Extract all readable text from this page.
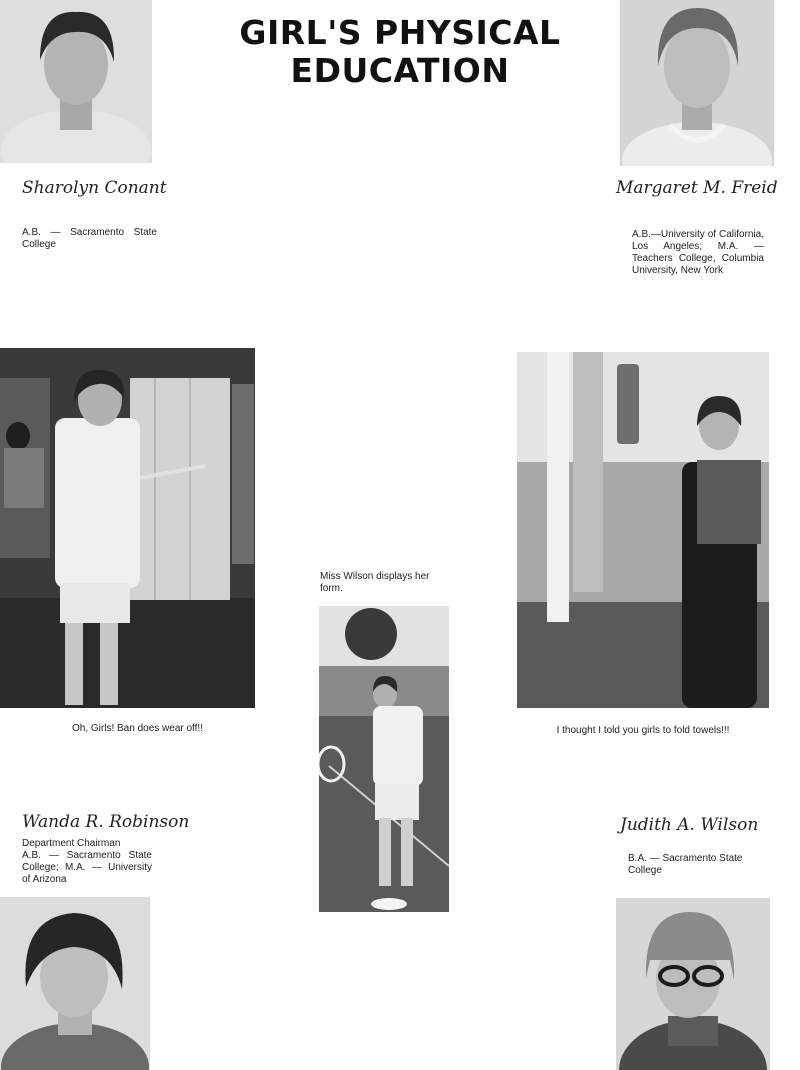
GIRL'S PHYSICAL
EDUCATION
Sharolyn Conant
A.B. — Sacramento State College
Margaret M. Freid
A.B.—University of California, Los Angeles; M.A. —Teachers College, Columbia University, New York
Oh, Girls! Ban does wear off!!
Miss Wilson displays her form.
I thought I told you girls to fold towels!!!
Wanda R. Robinson
Department Chairman
A.B. — Sacramento State College; M.A. — University of Arizona
Judith A. Wilson
B.A. — Sacramento State College
